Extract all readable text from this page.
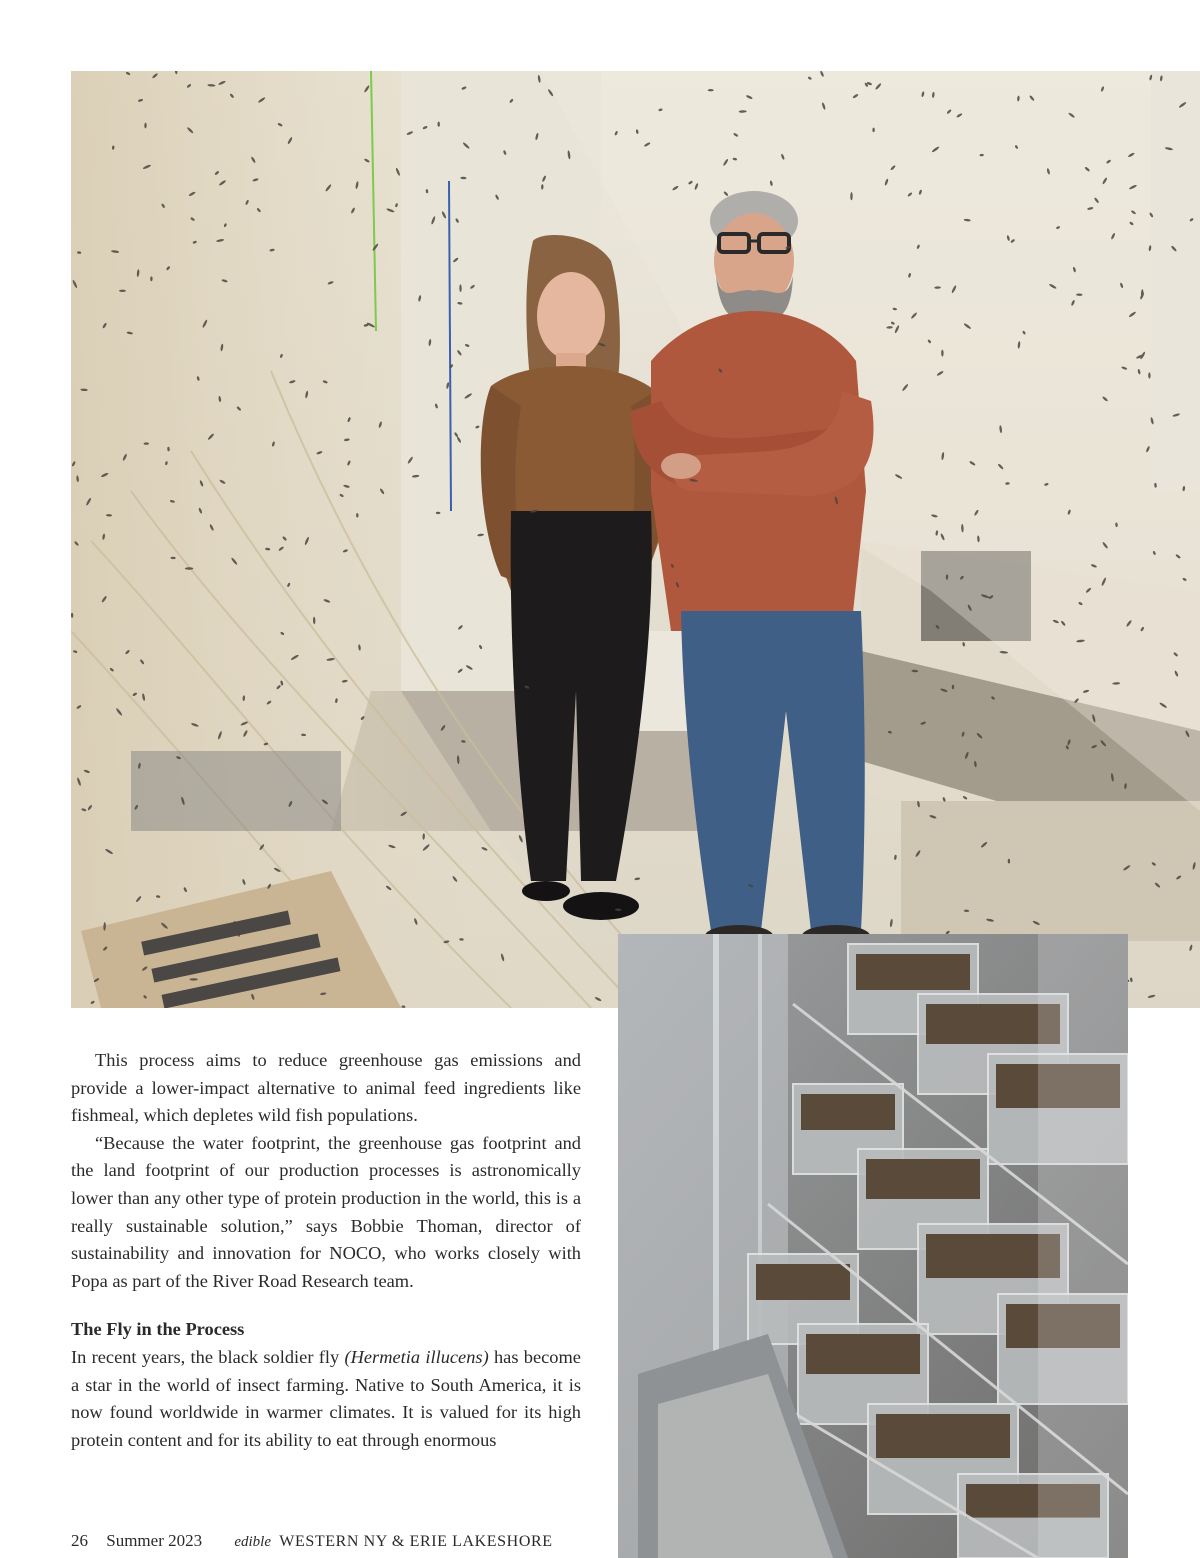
This process aims to reduce greenhouse gas emissions and provide a lower-impact alternative to animal feed ingredients like fishmeal, which depletes wild fish populations.

“Because the water footprint, the greenhouse gas footprint and the land footprint of our production processes is astronomically lower than any other type of protein production in the world, this is a really sustainable solution,” says Bobbie Thoman, director of sustainability and innovation for NOCO, who works closely with Popa as part of the River Road Research team.

The Fly in the Process

In recent years, the black soldier fly (Hermetia illucens) has become a star in the world of insect farming. Native to South America, it is now found worldwide in warmer climates. It is valued for its high protein content and for its ability to eat through enormous

26 Summer 2023 edible WESTERN NY & ERIE LAKESHORE
